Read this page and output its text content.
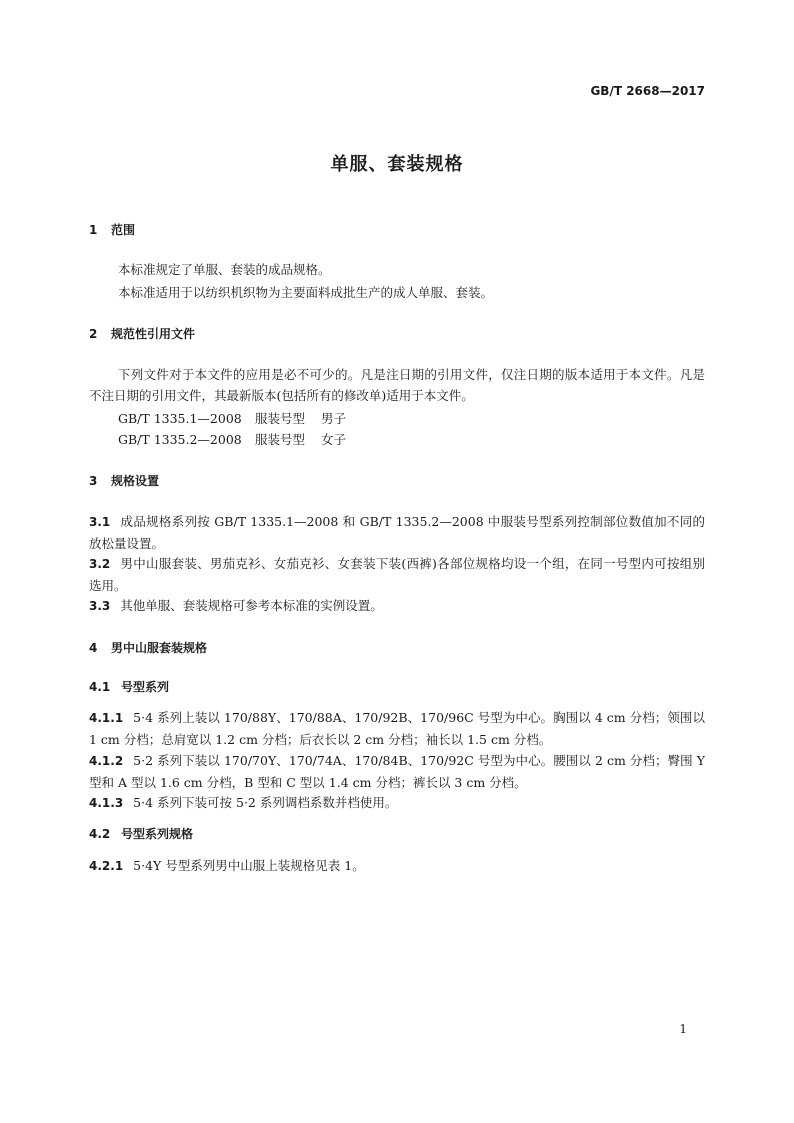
GB/T 2668—2017
单服、套装规格
1 范围

本标准规定了单服、套装的成品规格。

本标准适用于以纺织机织物为主要面料成批生产的成人单服、套装。

2 规范性引用文件

下列文件对于本文件的应用是必不可少的。凡是注日期的引用文件，仅注日期的版本适用于本文件。凡是不注日期的引用文件，其最新版本(包括所有的修改单)适用于本文件。

GB/T 1335.1—2008 服装号型 男子
GB/T 1335.2—2008 服装号型 女子
3 规格设置

3.1 成品规格系列按 GB/T 1335.1—2008 和 GB/T 1335.2—2008 中服装号型系列控制部位数值加不同的放松量设置。

3.2 男中山服套装、男茄克衫、女茄克衫、女套装下装(西裤)各部位规格均设一个组，在同一号型内可按组别选用。

3.3 其他单服、套装规格可参考本标准的实例设置。

4 男中山服套装规格
4.1 号型系列

4.1.1 5·4 系列上装以 170/88Y、170/88A、170/92B、170/96C 号型为中心。胸围以 4 cm 分档；领围以 1 cm 分档；总肩宽以 1.2 cm 分档；后衣长以 2 cm 分档；袖长以 1.5 cm 分档。

4.1.2 5·2 系列下装以 170/70Y、170/74A、170/84B、170/92C 号型为中心。腰围以 2 cm 分档；臀围 Y 型和 A 型以 1.6 cm 分档，B 型和 C 型以 1.4 cm 分档；裤长以 3 cm 分档。

4.1.3 5·4 系列下装可按 5·2 系列调档系数并档使用。

4.2 号型系列规格

4.2.1 5·4Y 号型系列男中山服上装规格见表 1。

1
